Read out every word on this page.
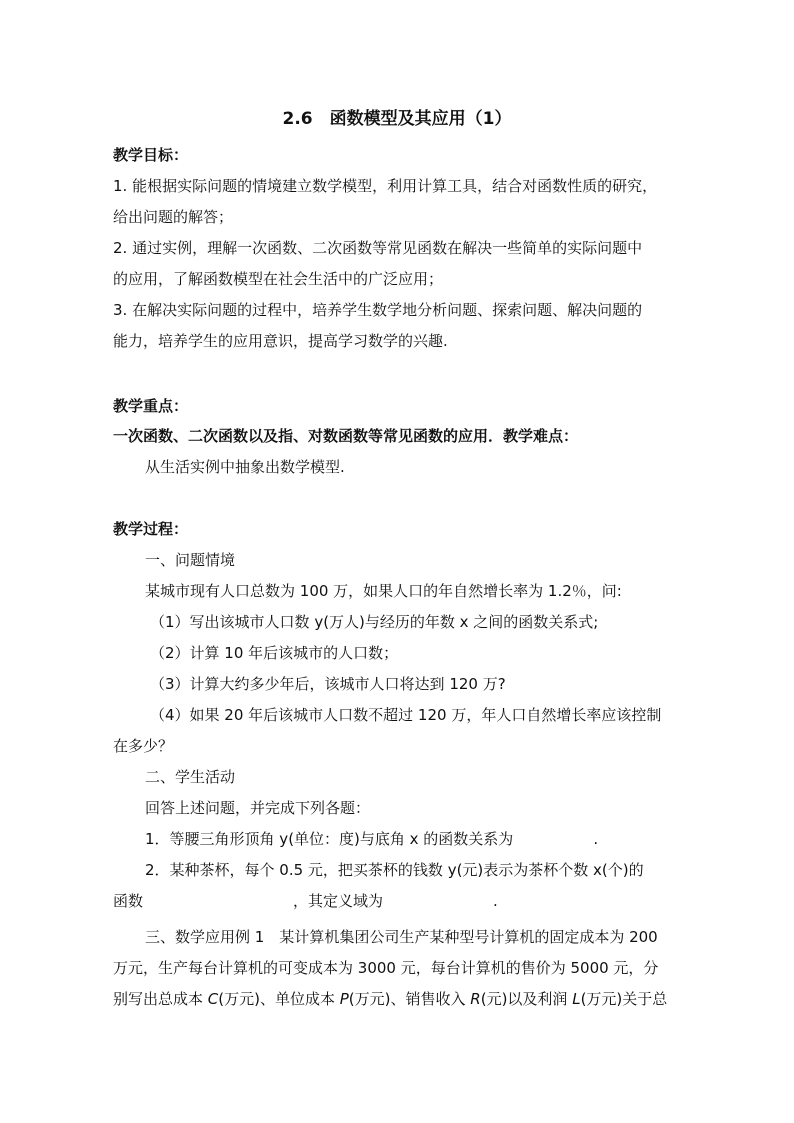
2.6　函数模型及其应用（1）
教学目标：
1. 能根据实际问题的情境建立数学模型，利用计算工具，结合对函数性质的研究，
给出问题的解答；
2. 通过实例，理解一次函数、二次函数等常见函数在解决一些简单的实际问题中
的应用，了解函数模型在社会生活中的广泛应用；
3. 在解决实际问题的过程中，培养学生数学地分析问题、探索问题、解决问题的
能力，培养学生的应用意识，提高学习数学的兴趣.
教学重点：
一次函数、二次函数以及指、对数函数等常见函数的应用．教学难点：
从生活实例中抽象出数学模型.
教学过程：
一、问题情境
某城市现有人口总数为 100 万，如果人口的年自然增长率为 1.2％，问:
（1）写出该城市人口数 y(万人)与经历的年数 x 之间的函数关系式;
（2）计算 10 年后该城市的人口数；
（3）计算大约多少年后，该城市人口将达到 120 万?
（4）如果 20 年后该城市人口数不超过 120 万，年人口自然增长率应该控制
在多少？
二、学生活动
回答上述问题，并完成下列各题：
1．等腰三角形顶角 y(单位：度)与底角 x 的函数关系为	.
2．某种茶杯，每个 0.5 元，把买茶杯的钱数 y(元)表示为茶杯个数 x(个)的
函数	，其定义域为	.
三、数学应用例 1　某计算机集团公司生产某种型号计算机的固定成本为 200
万元，生产每台计算机的可变成本为 3000 元，每台计算机的售价为 5000 元，分
别写出总成本 C(万元)、单位成本 P(万元)、销售收入 R(元)以及利润 L(万元)关于总
